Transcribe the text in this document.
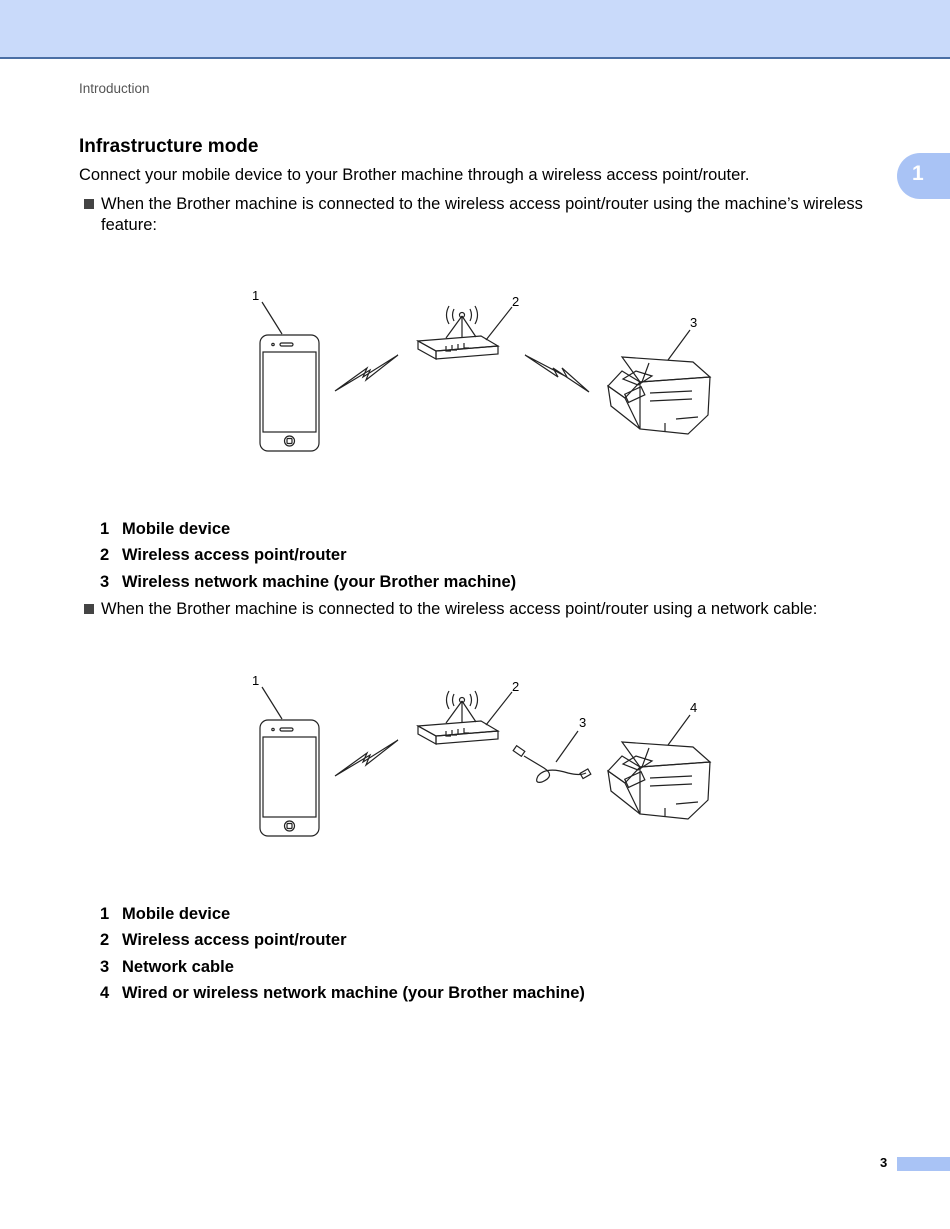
Introduction
1
Infrastructure mode
Connect your mobile device to your Brother machine through a wireless access point/router.
When the Brother machine is connected to the wireless access point/router using the machine’s wireless feature:
1	2
3
1 Mobile device
2 Wireless access point/router
3 Wireless network machine (your Brother machine)
When the Brother machine is connected to the wireless access point/router using a network cable:
1	2
3
4
1 Mobile device
2 Wireless access point/router
3 Network cable
4 Wired or wireless network machine (your Brother machine)
3
